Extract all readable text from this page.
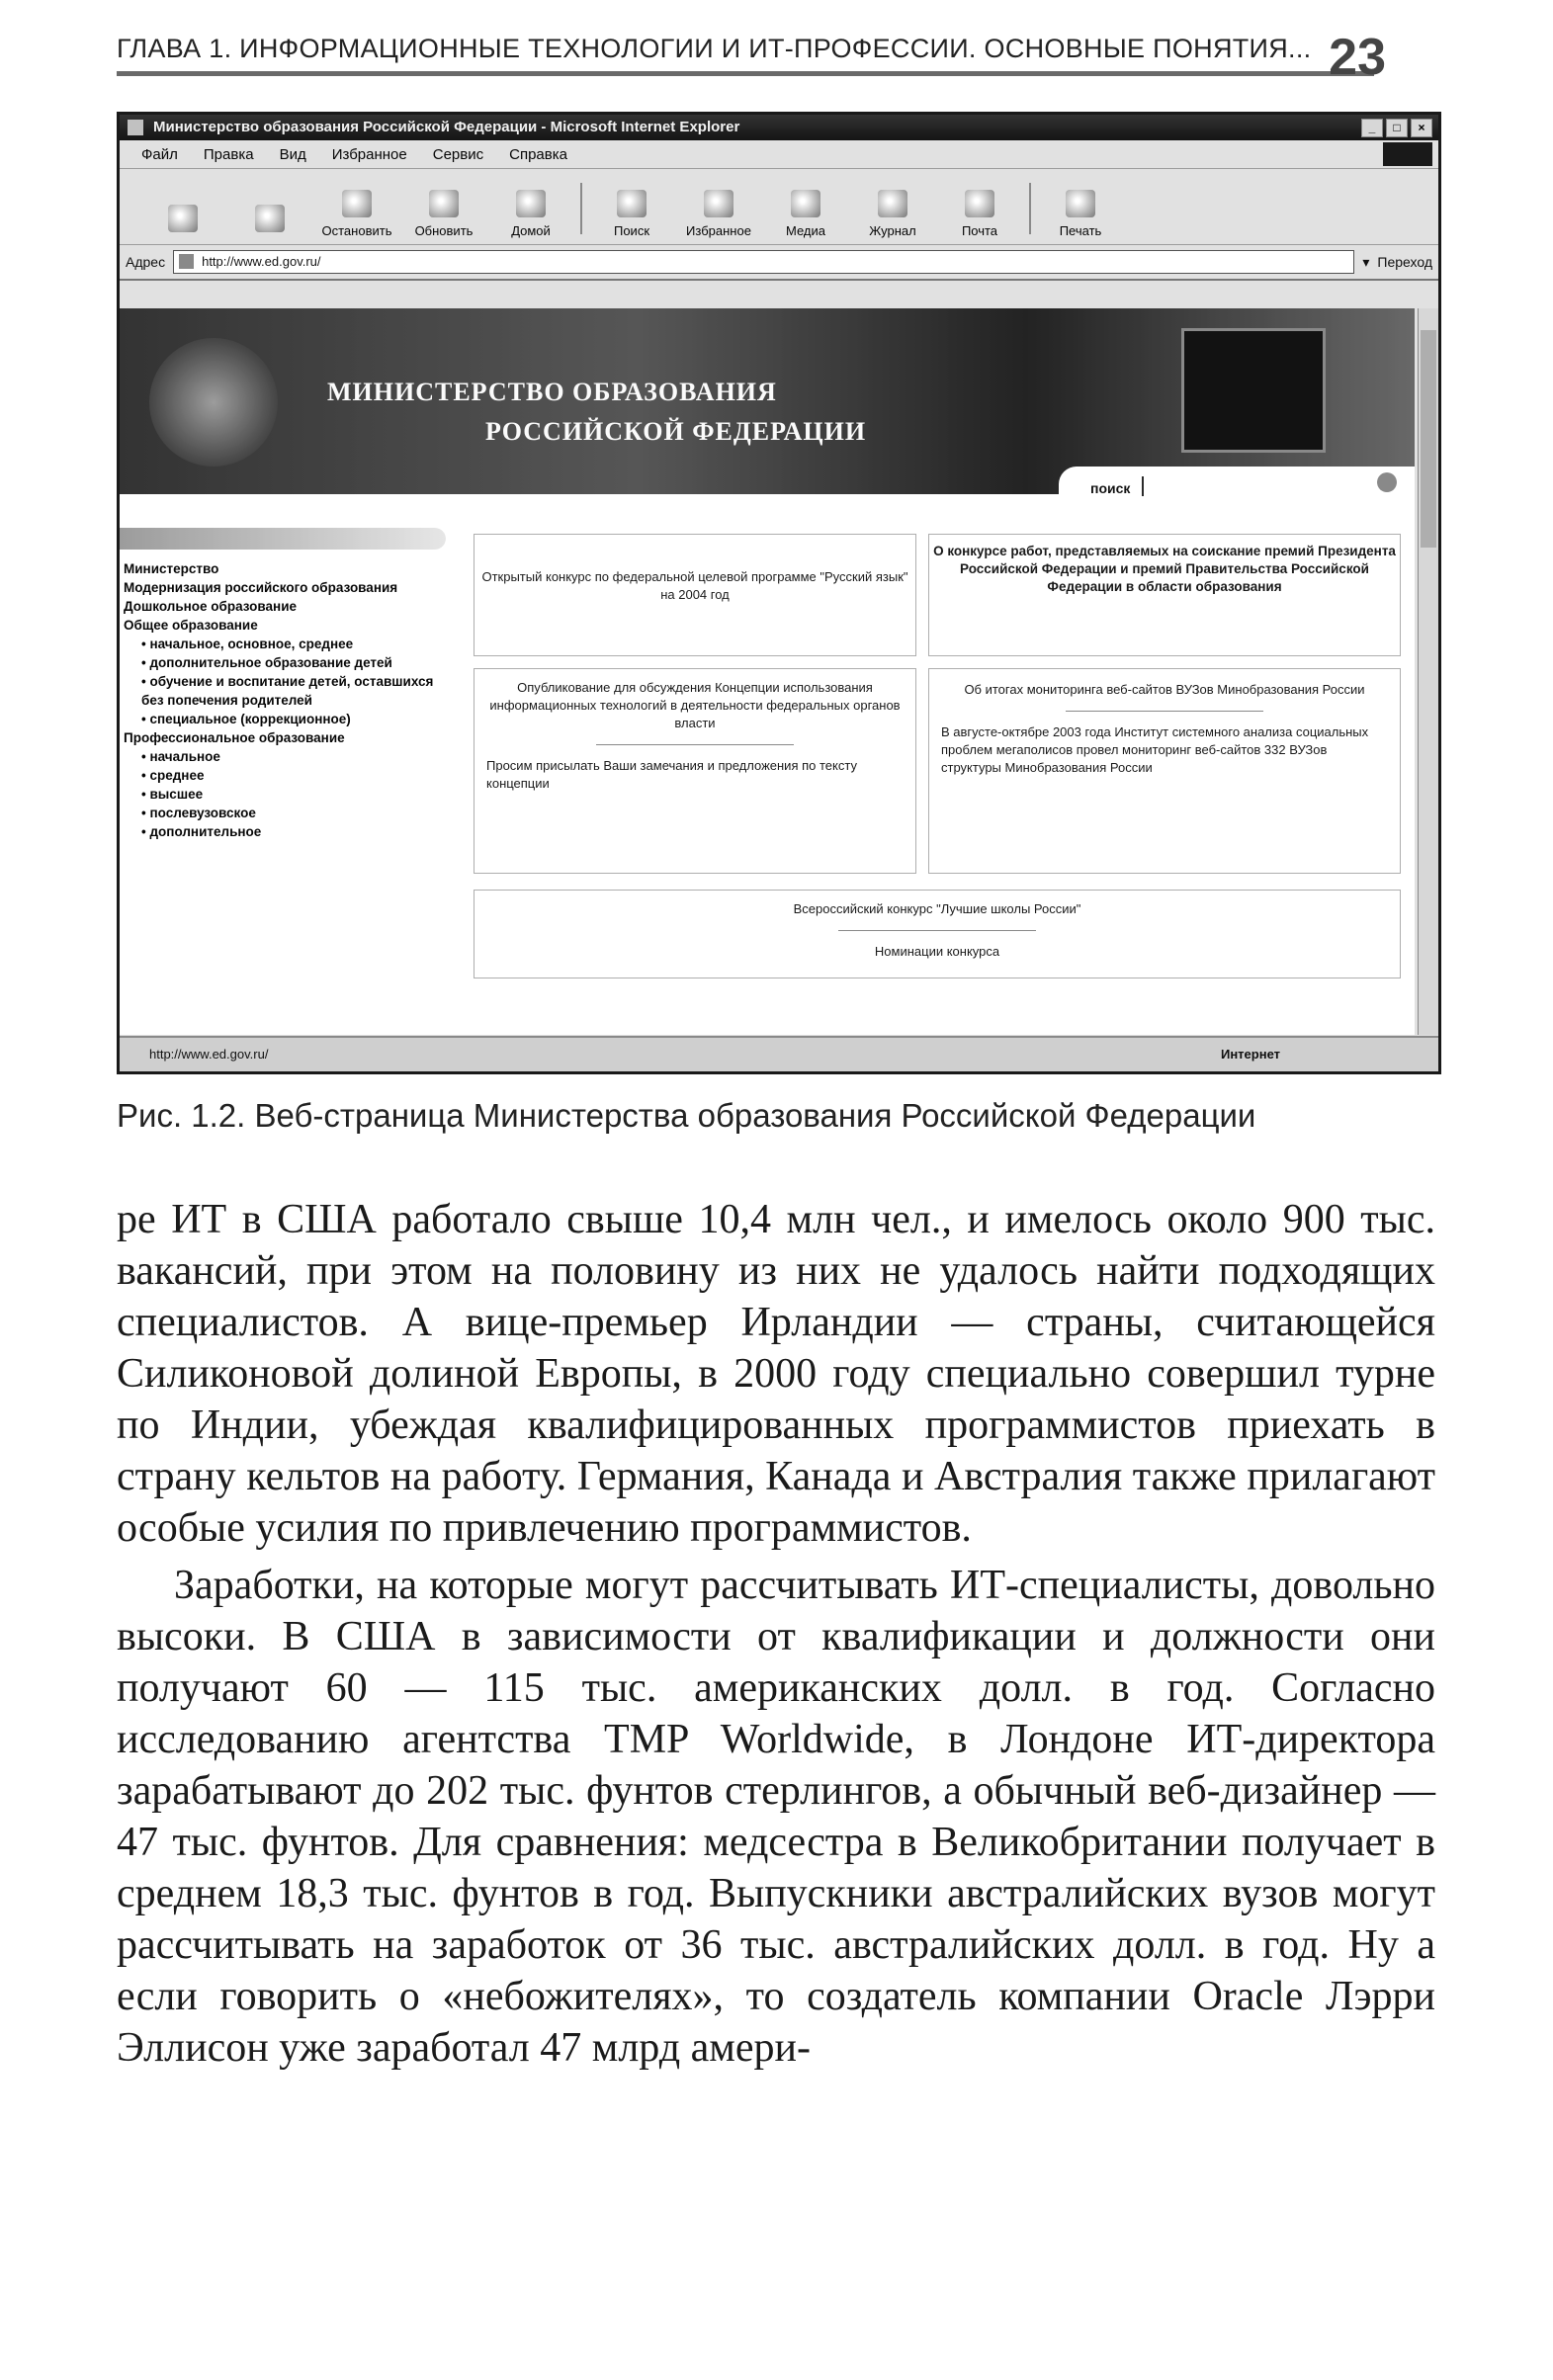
ГЛАВА 1. ИНФОРМАЦИОННЫЕ ТЕХНОЛОГИИ И ИТ-ПРОФЕССИИ. ОСНОВНЫЕ ПОНЯТИЯ... 23
Министерство образования Российской Федерации - Microsoft Internet Explorer	_	□	×
Файл Правка Вид Избранное Сервис Справка
Остановить	Обновить	Домой	Поиск	Избранное	Медиа	Журнал	Почта	Печать
Адрес	http://www.ed.gov.ru/	▾ Переход
МИНИСТЕРСТВО ОБРАЗОВАНИЯ
РОССИЙСКОЙ ФЕДЕРАЦИИ
поиск
Министерство
Модернизация российского образования
Дошкольное образование
Общее образование
• начальное, основное, среднее
• дополнительное образование детей
• обучение и воспитание детей, оставшихся без попечения родителей
• специальное (коррекционное)
Профессиональное образование
• начальное
• среднее
• высшее
• послевузовское
• дополнительное
Открытый конкурс по федеральной целевой программе "Русский язык" на 2004 год
О конкурсе работ, представляемых на соискание премий Президента Российской Федерации и премий Правительства Российской Федерации в области образования
Опубликование для обсуждения Концепции использования информационных технологий в деятельности федеральных органов власти
Просим присылать Ваши замечания и предложения по тексту концепции
Об итогах мониторинга веб-сайтов ВУЗов Минобразования России
В августе-октябре 2003 года Институт системного анализа социальных проблем мегаполисов провел мониторинг веб-сайтов 332 ВУЗов структуры Минобразования России
Всероссийский конкурс "Лучшие школы России"
Номинации конкурса
http://www.ed.gov.ru/	Интернет
Рис. 1.2. Веб-страница Министерства образования Российской Федерации

ре ИТ в США работало свыше 10,4 млн чел., и имелось около 900 тыс. вакансий, при этом на половину из них не удалось найти подходящих специалистов. А вице-премьер Ирландии — страны, считающейся Силиконовой долиной Европы, в 2000 году специально совершил турне по Индии, убеждая квалифицированных программистов приехать в страну кельтов на работу. Германия, Канада и Австралия также прилагают особые усилия по привлечению программистов.

Заработки, на которые могут рассчитывать ИТ-специалисты, довольно высоки. В США в зависимости от квалификации и должности они получают 60 — 115 тыс. американских долл. в год. Согласно исследованию агентства TMP Worldwide, в Лондоне ИТ-директора зарабатывают до 202 тыс. фунтов стерлингов, а обычный веб-дизайнер — 47 тыс. фунтов. Для сравнения: медсестра в Великобритании получает в среднем 18,3 тыс. фунтов в год. Выпускники австралийских вузов могут рассчитывать на заработок от 36 тыс. австралийских долл. в год. Ну а если говорить о «небожителях», то создатель компании Oracle Лэрри Эллисон уже заработал 47 млрд амери-
